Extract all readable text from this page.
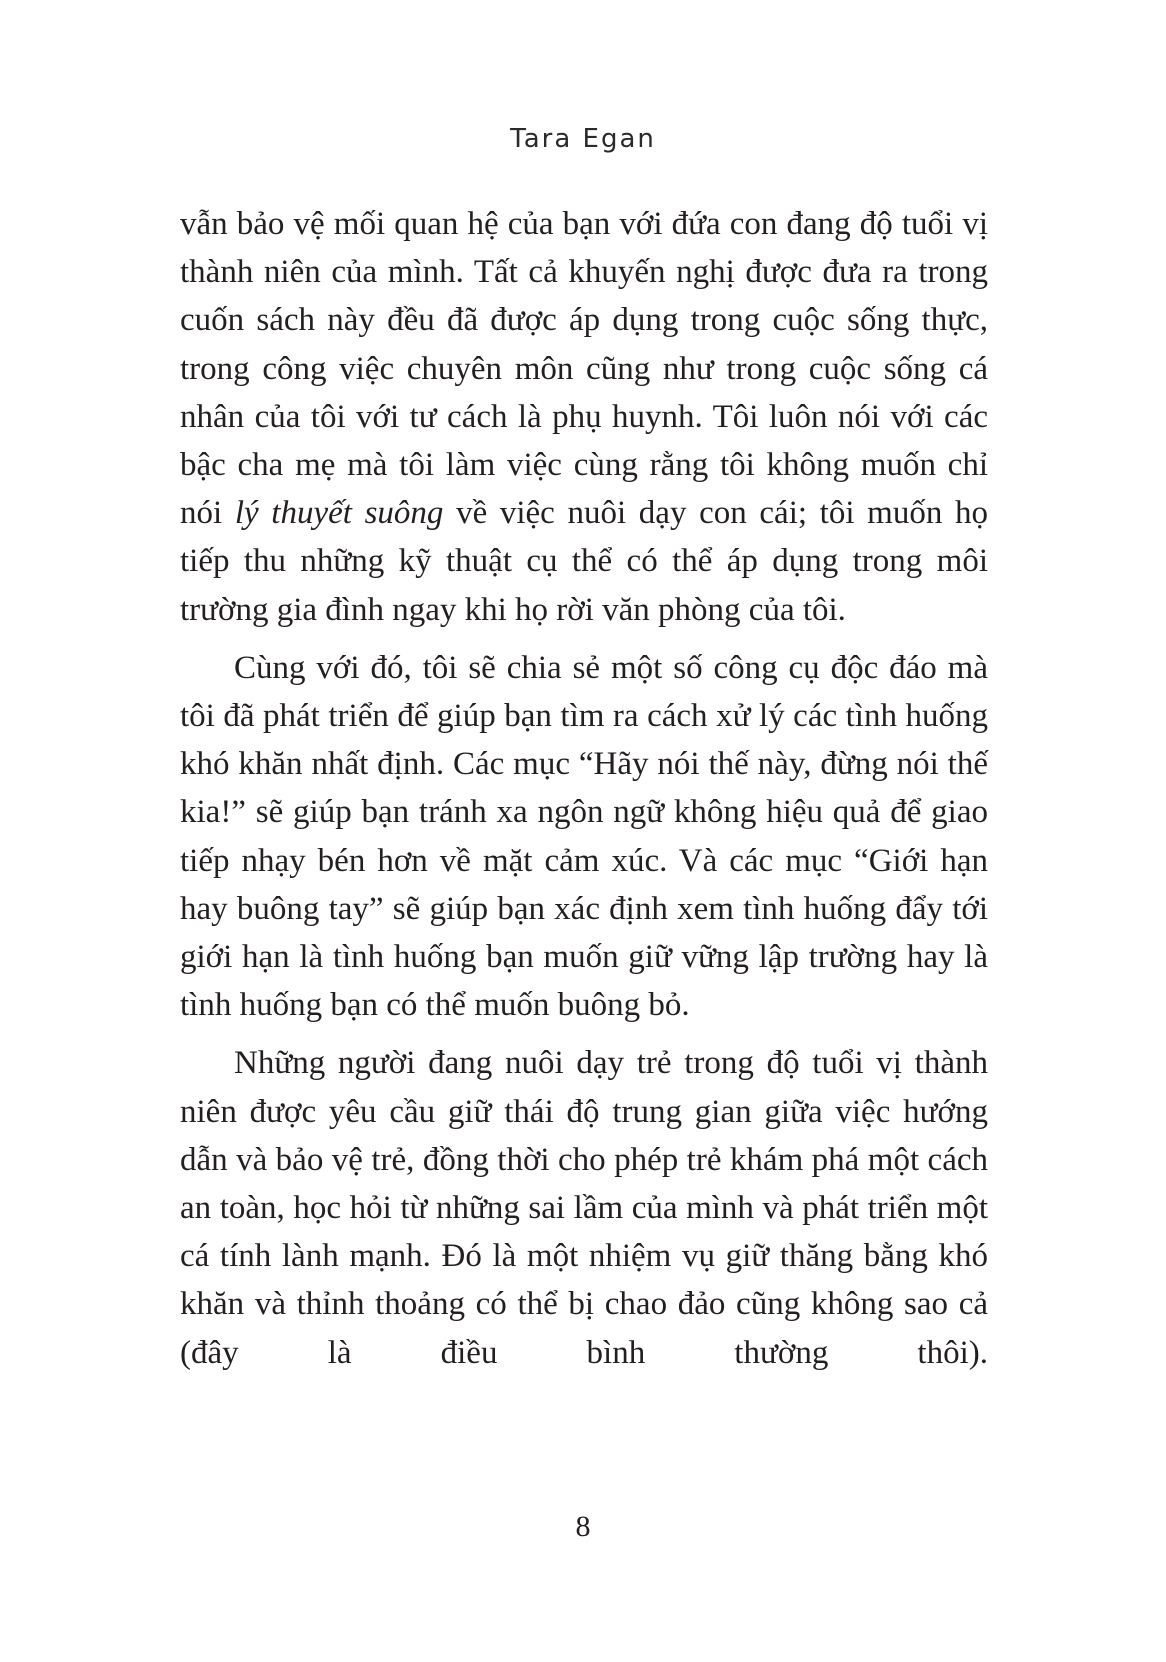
Tara Egan

vẫn bảo vệ mối quan hệ của bạn với đứa con đang độ tuổi vị thành niên của mình. Tất cả khuyến nghị được đưa ra trong cuốn sách này đều đã được áp dụng trong cuộc sống thực, trong công việc chuyên môn cũng như trong cuộc sống cá nhân của tôi với tư cách là phụ huynh. Tôi luôn nói với các bậc cha mẹ mà tôi làm việc cùng rằng tôi không muốn chỉ nói lý thuyết suông về việc nuôi dạy con cái; tôi muốn họ tiếp thu những kỹ thuật cụ thể có thể áp dụng trong môi trường gia đình ngay khi họ rời văn phòng của tôi.

Cùng với đó, tôi sẽ chia sẻ một số công cụ độc đáo mà tôi đã phát triển để giúp bạn tìm ra cách xử lý các tình huống khó khăn nhất định. Các mục “Hãy nói thế này, đừng nói thế kia!” sẽ giúp bạn tránh xa ngôn ngữ không hiệu quả để giao tiếp nhạy bén hơn về mặt cảm xúc. Và các mục “Giới hạn hay buông tay” sẽ giúp bạn xác định xem tình huống đẩy tới giới hạn là tình huống bạn muốn giữ vững lập trường hay là tình huống bạn có thể muốn buông bỏ.

Những người đang nuôi dạy trẻ trong độ tuổi vị thành niên được yêu cầu giữ thái độ trung gian giữa việc hướng dẫn và bảo vệ trẻ, đồng thời cho phép trẻ khám phá một cách an toàn, học hỏi từ những sai lầm của mình và phát triển một cá tính lành mạnh. Đó là một nhiệm vụ giữ thăng bằng khó khăn và thỉnh thoảng có thể bị chao đảo cũng không sao cả (đây là điều bình thường thôi).

8
